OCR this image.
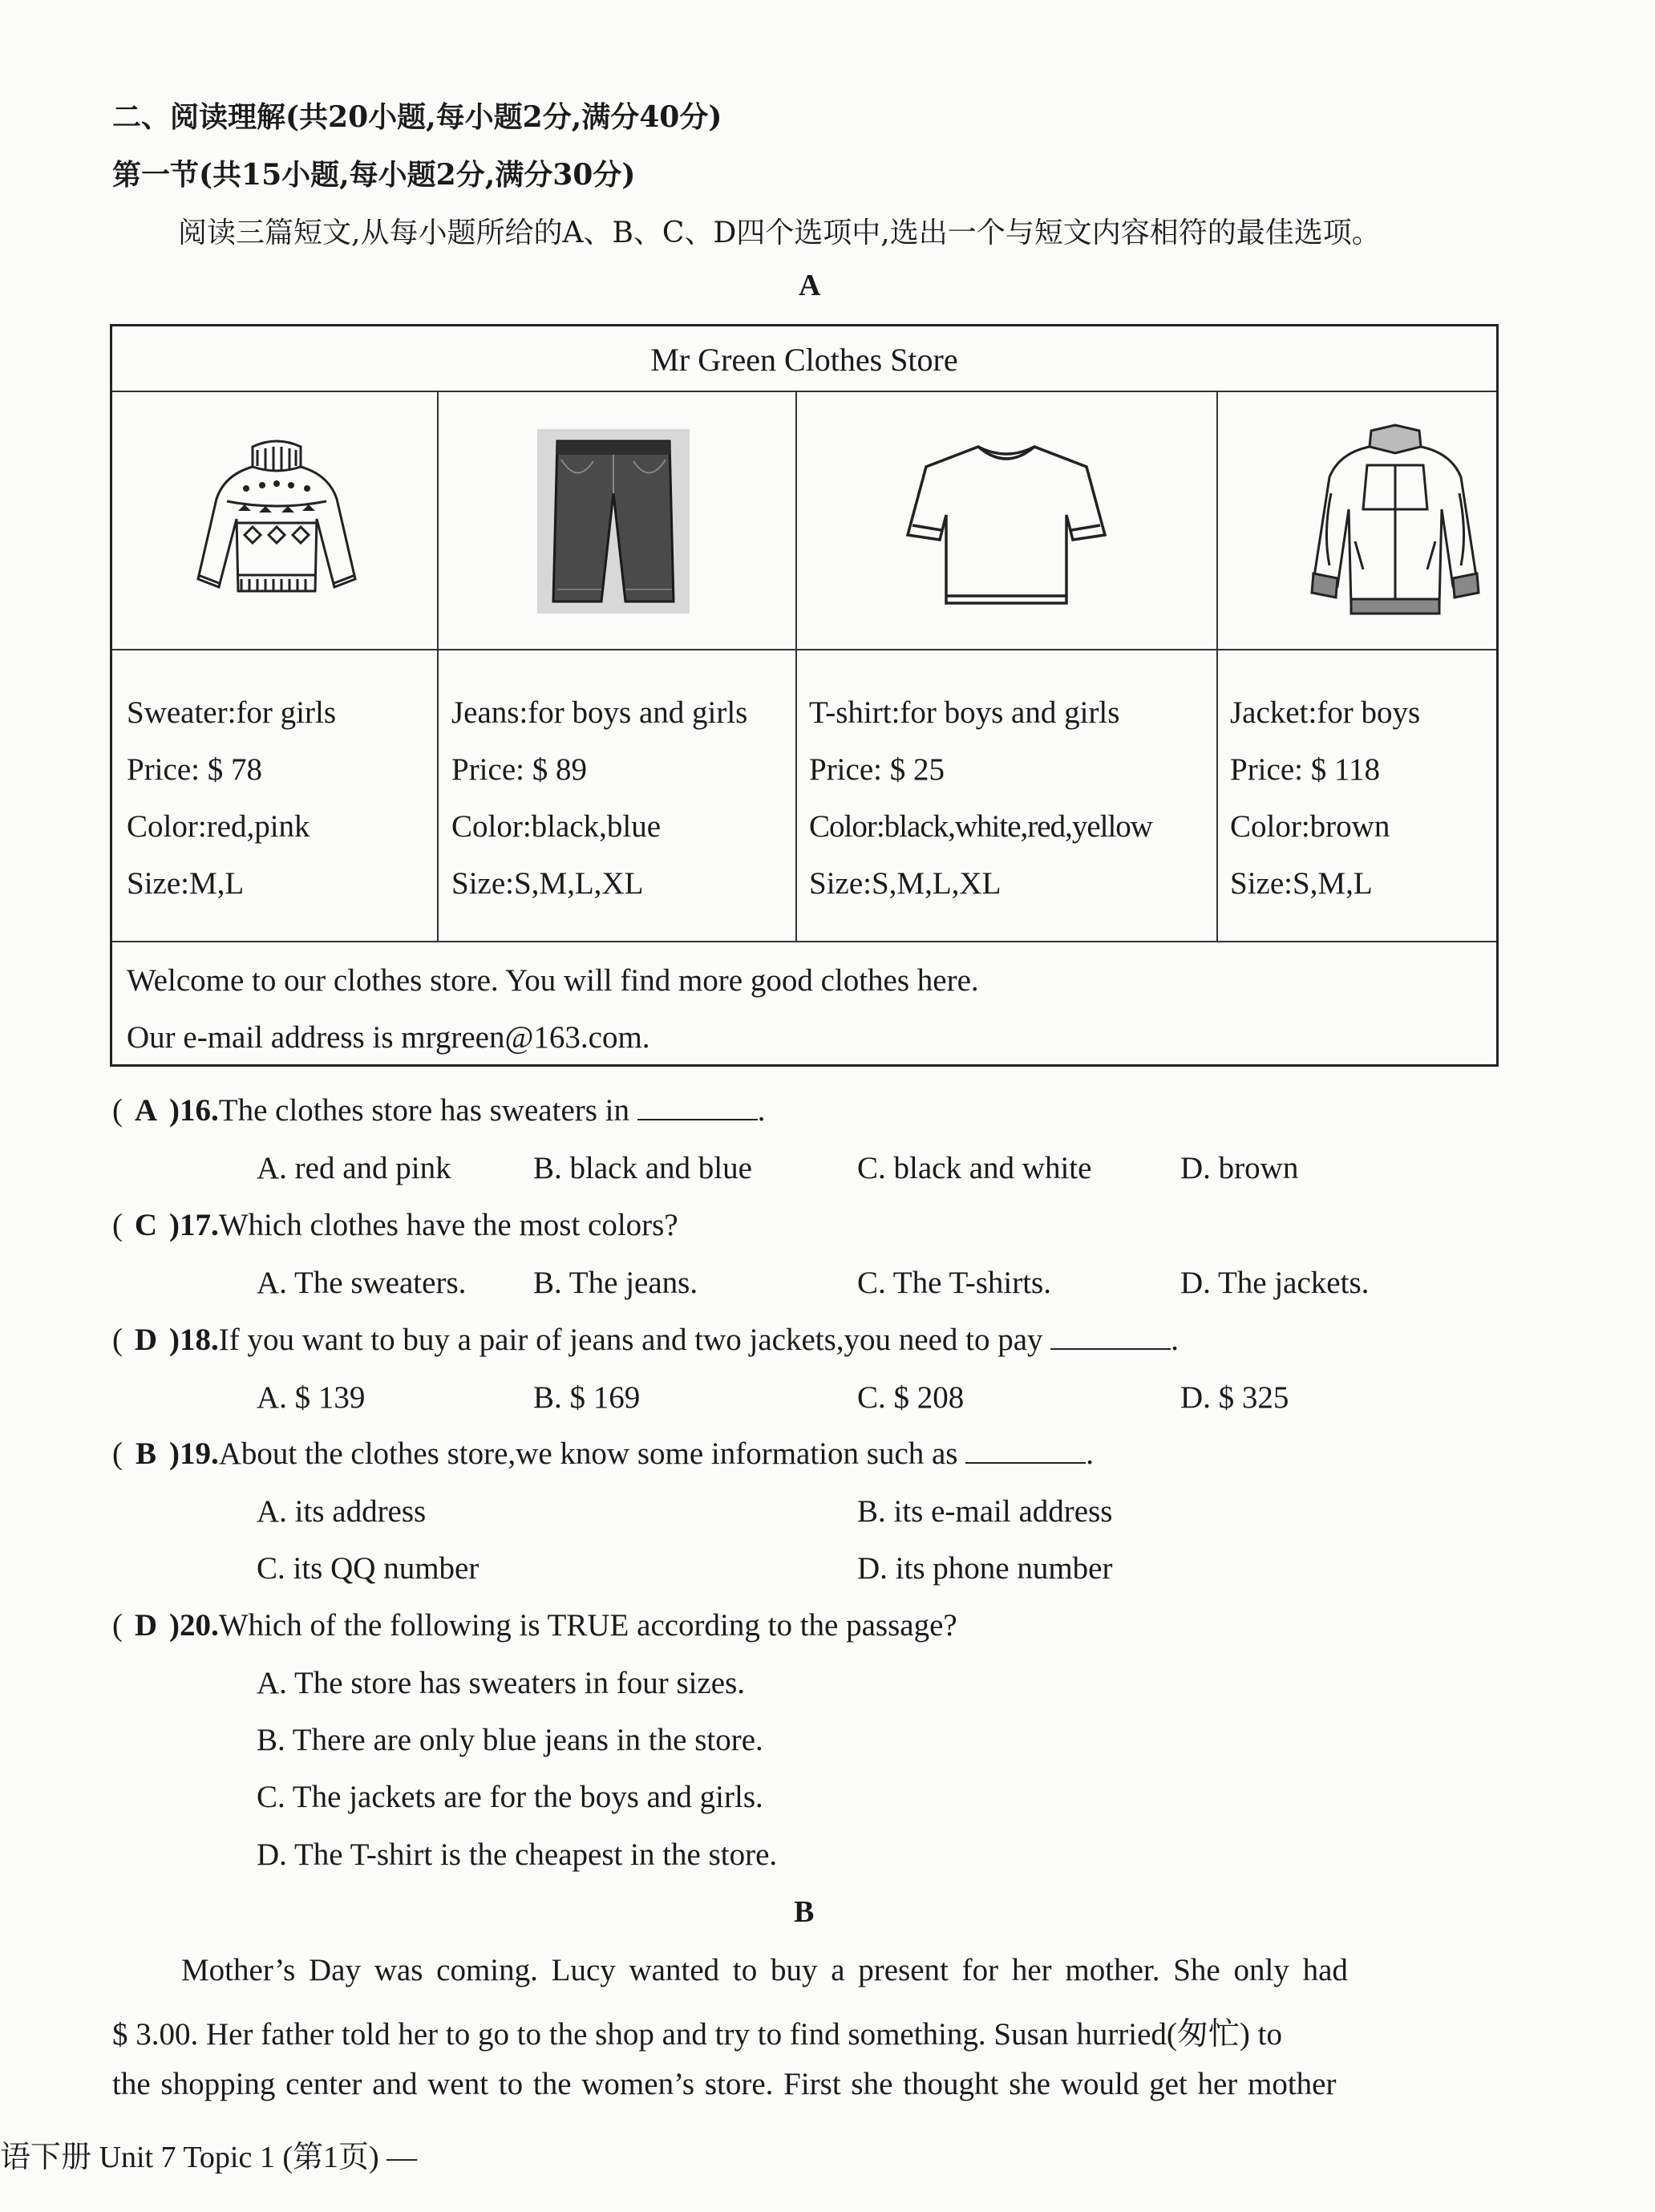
二、阅读理解(共20小题,每小题2分,满分40分)
第一节(共15小题,每小题2分,满分30分)
阅读三篇短文,从每小题所给的A、B、C、D四个选项中,选出一个与短文内容相符的最佳选项。
A
Mr Green Clothes Store
Sweater:for girls
Price: $ 78
Color:red,pink
Size:M,L
Jeans:for boys and girls
Price: $ 89
Color:black,blue
Size:S,M,L,XL
T-shirt:for boys and girls
Price: $ 25
Color:black,white,red,yellow
Size:S,M,L,XL
Jacket:for boys
Price: $ 118
Color:brown
Size:S,M,L
Welcome to our clothes store. You will find more good clothes here.
Our e-mail address is mrgreen@163.com.
( A )16.The clothes store has sweaters in	.
A. red and pink	B. black and blue	C. black and white	D. brown
( C )17.Which clothes have the most colors?
A. The sweaters. B. The jeans.	C. The T-shirts.	D. The jackets.
( D )18.If you want to buy a pair of jeans and two jackets,you need to pay	.
A. $ 139	B. $ 169	C. $ 208	D. $ 325
( B )19.About the clothes store,we know some information such as	.
A. its address	B. its e-mail address
C. its QQ number	D. its phone number
( D )20.Which of the following is TRUE according to the passage?
A. The store has sweaters in four sizes.
B. There are only blue jeans in the store.
C. The jackets are for the boys and girls.
D. The T-shirt is the cheapest in the store.
B
Mother’s Day was coming. Lucy wanted to buy a present for her mother. She only had
$ 3.00. Her father told her to go to the shop and try to find something. Susan hurried(匆忙) to
the shopping center and went to the women’s store. First she thought she would get her mother
语下册 Unit 7 Topic 1 (第1页) —
